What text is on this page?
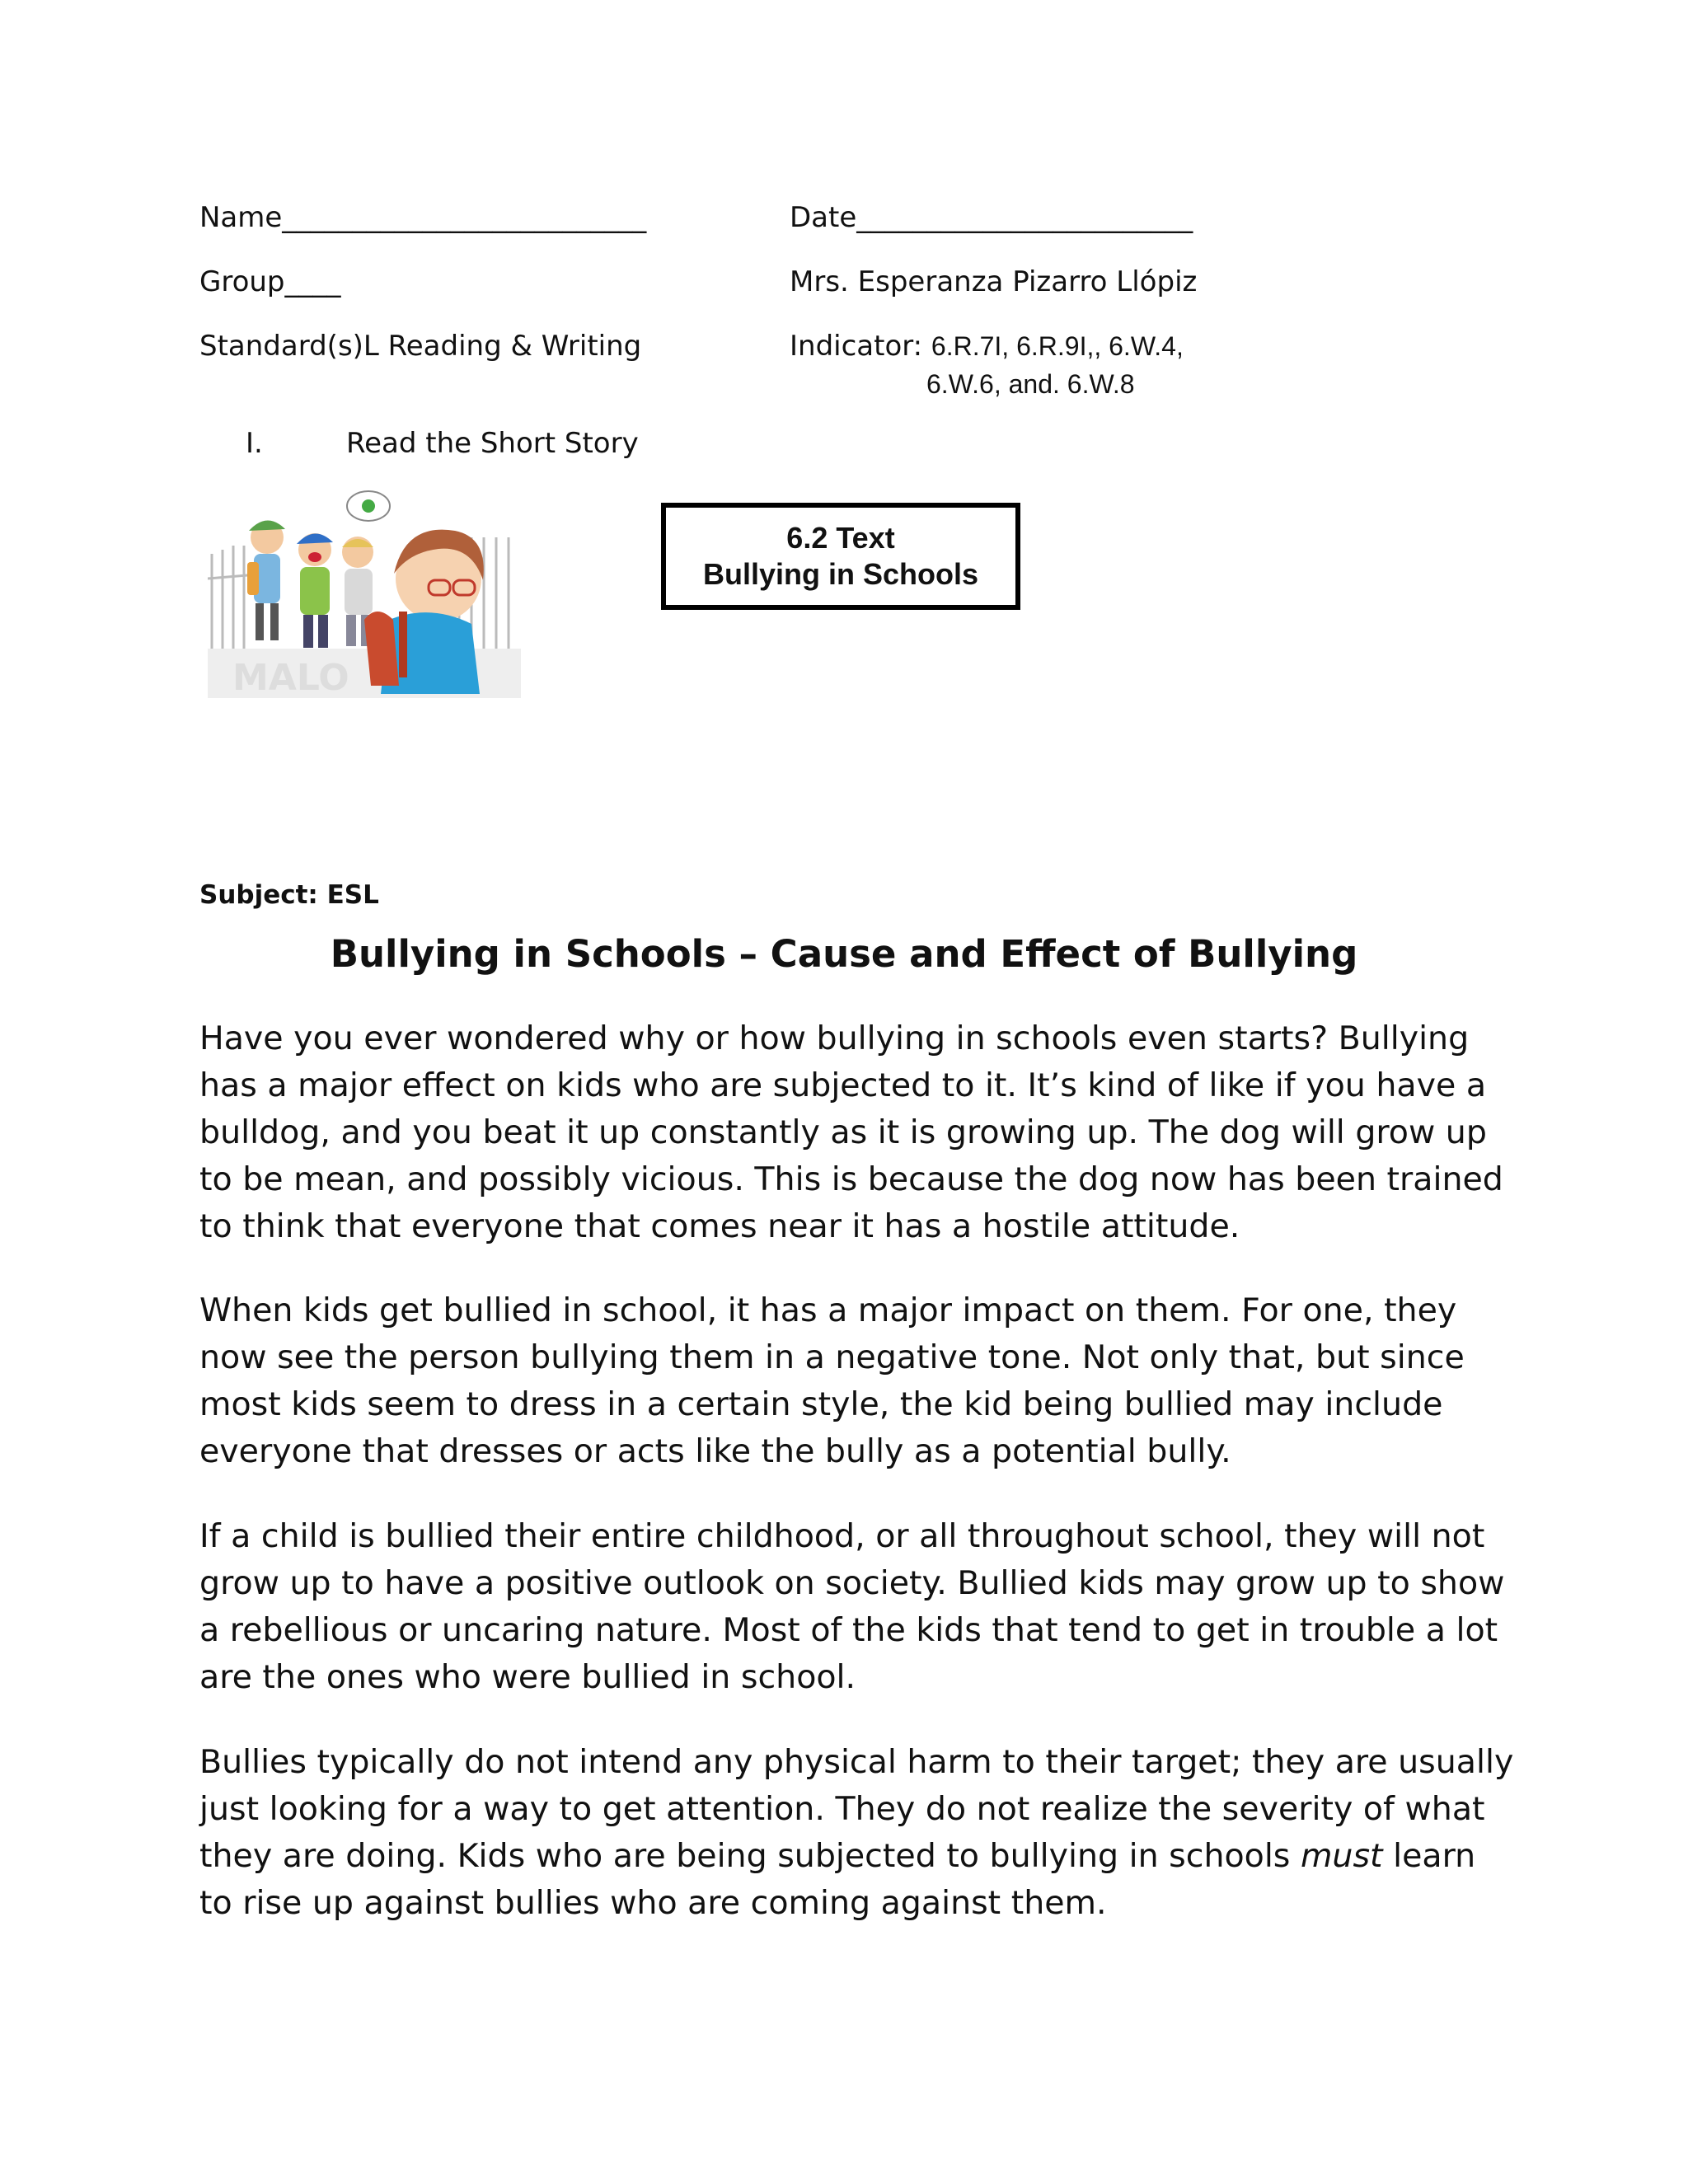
Name__________________________	Date________________________
Group____	Mrs. Esperanza Pizarro Llópiz
Standard(s)L Reading & Writing	Indicator: 6.R.7I, 6.R.9I,, 6.W.4,
6.W.6, and. 6.W.8
I.	Read the Short Story
MALO
6.2 Text
Bullying in Schools
Subject: ESL
Bullying in Schools – Cause and Effect of Bullying

Have you ever wondered why or how bullying in schools even starts? Bullying has a major effect on kids who are subjected to it. It’s kind of like if you have a bulldog, and you beat it up constantly as it is growing up. The dog will grow up to be mean, and possibly vicious. This is because the dog now has been trained to think that everyone that comes near it has a hostile attitude.

When kids get bullied in school, it has a major impact on them. For one, they now see the person bullying them in a negative tone. Not only that, but since most kids seem to dress in a certain style, the kid being bullied may include everyone that dresses or acts like the bully as a potential bully.

If a child is bullied their entire childhood, or all throughout school, they will not grow up to have a positive outlook on society. Bullied kids may grow up to show a rebellious or uncaring nature. Most of the kids that tend to get in trouble a lot are the ones who were bullied in school.

Bullies typically do not intend any physical harm to their target; they are usually just looking for a way to get attention. They do not realize the severity of what they are doing. Kids who are being subjected to bullying in schools must learn to rise up against bullies who are coming against them.
